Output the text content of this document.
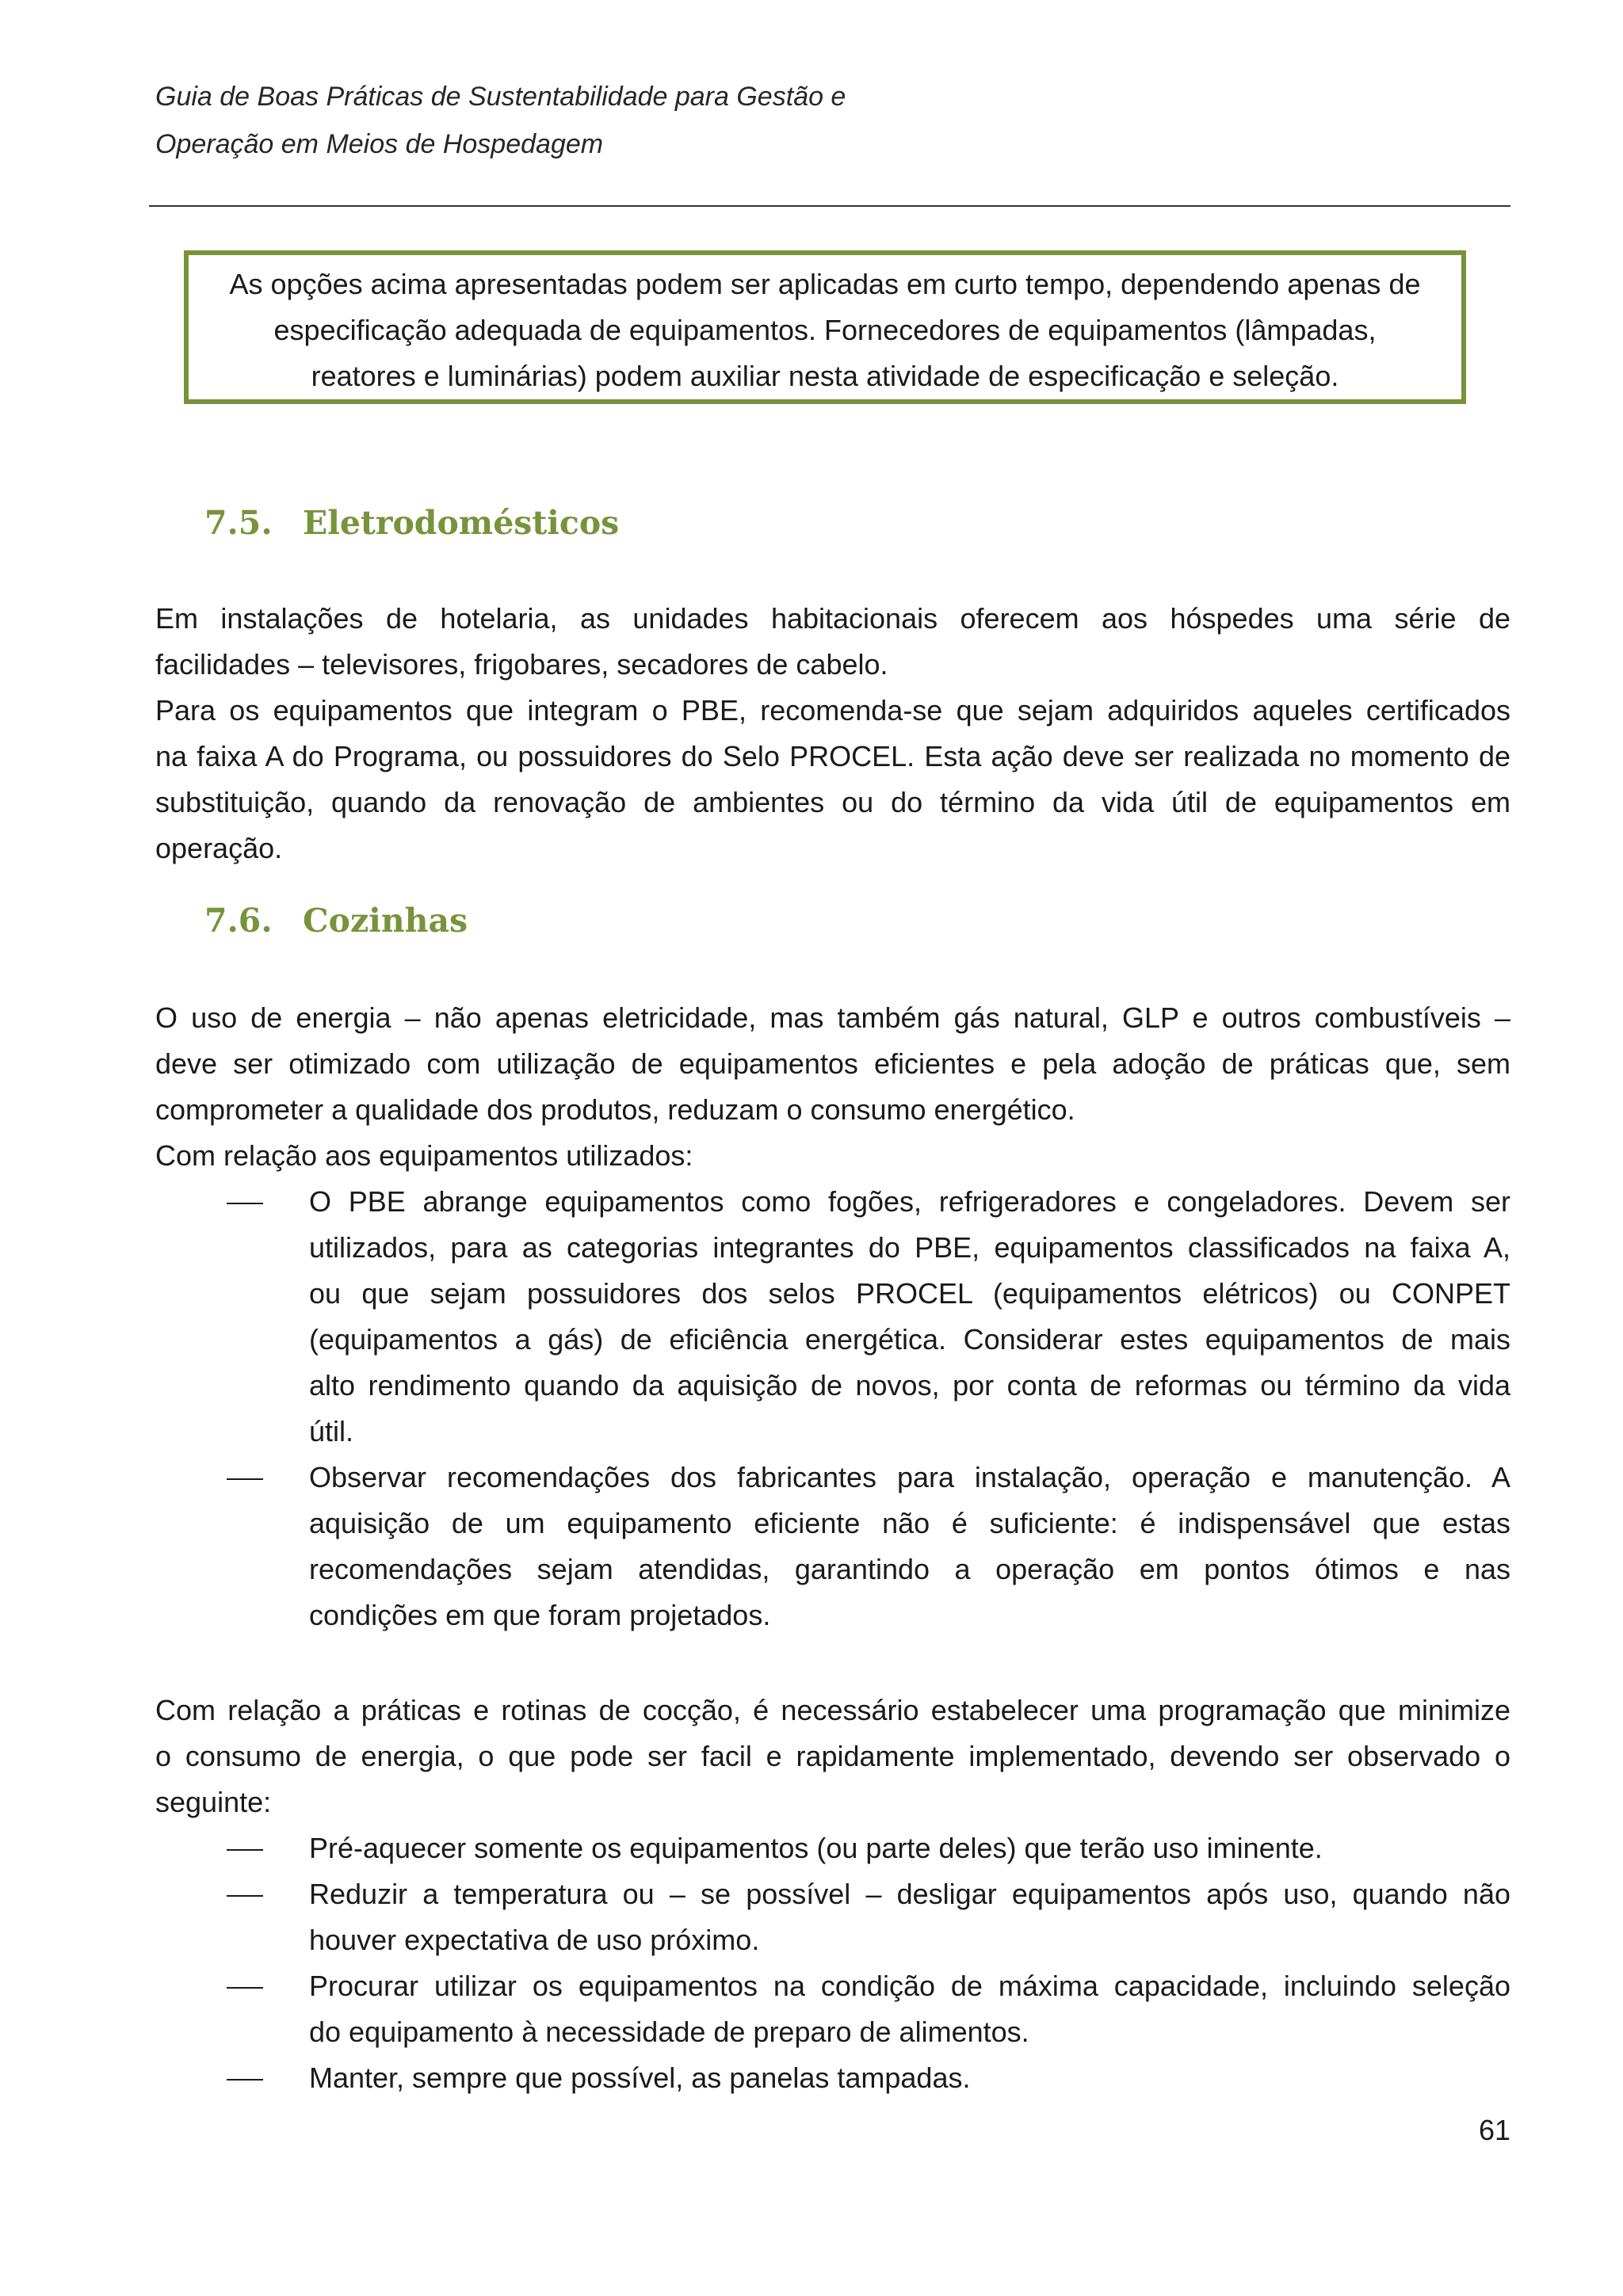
Guia de Boas Práticas de Sustentabilidade para Gestão e
Operação em Meios de Hospedagem

As opções acima apresentadas podem ser aplicadas em curto tempo, dependendo apenas de

especificação adequada de equipamentos. Fornecedores de equipamentos (lâmpadas,

reatores e luminárias) podem auxiliar nesta atividade de especificação e seleção.

7.5. Eletrodomésticos
Em instalações de hotelaria, as unidades habitacionais oferecem aos hóspedes uma série de
facilidades – televisores, frigobares, secadores de cabelo.
Para os equipamentos que integram o PBE, recomenda-se que sejam adquiridos aqueles certificados
na faixa A do Programa, ou possuidores do Selo PROCEL. Esta ação deve ser realizada no momento de
substituição, quando da renovação de ambientes ou do término da vida útil de equipamentos em
operação.
7.6. Cozinhas
O uso de energia – não apenas eletricidade, mas também gás natural, GLP e outros combustíveis –
deve ser otimizado com utilização de equipamentos eficientes e pela adoção de práticas que, sem
comprometer a qualidade dos produtos, reduzam o consumo energético.
Com relação aos equipamentos utilizados:
O PBE abrange equipamentos como fogões, refrigeradores e congeladores. Devem ser
utilizados, para as categorias integrantes do PBE, equipamentos classificados na faixa A,
ou que sejam possuidores dos selos PROCEL (equipamentos elétricos) ou CONPET
(equipamentos a gás) de eficiência energética. Considerar estes equipamentos de mais
alto rendimento quando da aquisição de novos, por conta de reformas ou término da vida
útil.
Observar recomendações dos fabricantes para instalação, operação e manutenção. A
aquisição de um equipamento eficiente não é suficiente: é indispensável que estas
recomendações sejam atendidas, garantindo a operação em pontos ótimos e nas
condições em que foram projetados.
Com relação a práticas e rotinas de cocção, é necessário estabelecer uma programação que minimize
o consumo de energia, o que pode ser facil e rapidamente implementado, devendo ser observado o
seguinte:
Pré-aquecer somente os equipamentos (ou parte deles) que terão uso iminente.
Reduzir a temperatura ou – se possível – desligar equipamentos após uso, quando não
houver expectativa de uso próximo.
Procurar utilizar os equipamentos na condição de máxima capacidade, incluindo seleção
do equipamento à necessidade de preparo de alimentos.
Manter, sempre que possível, as panelas tampadas.
61
